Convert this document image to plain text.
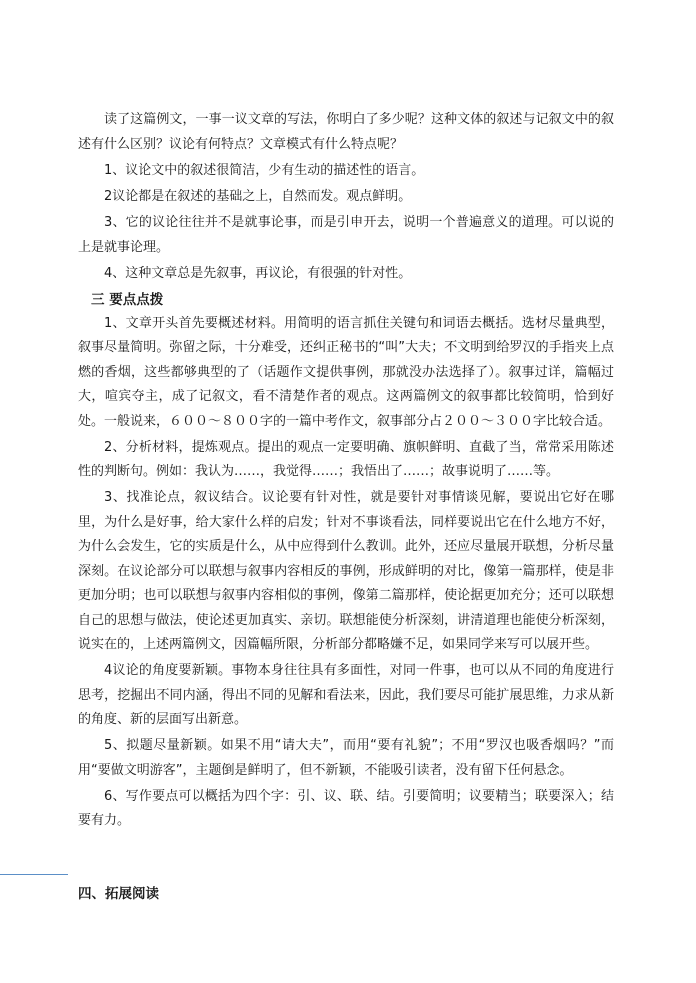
读了这篇例文，一事一议文章的写法，你明白了多少呢？这种文体的叙述与记叙文中的叙述有什么区别？议论有何特点？文章模式有什么特点呢？

1、议论文中的叙述很简洁，少有生动的描述性的语言。

2议论都是在叙述的基础之上，自然而发。观点鲜明。

3、它的议论往往并不是就事论事，而是引申开去，说明一个普遍意义的道理。可以说的上是就事论理。

4、这种文章总是先叙事，再议论，有很强的针对性。

三 要点点拨

1、文章开头首先要概述材料。用简明的语言抓住关键句和词语去概括。选材尽量典型，叙事尽量简明。弥留之际，十分难受，还纠正秘书的“叫”大夫；不文明到给罗汉的手指夹上点燃的香烟，这些都够典型的了（话题作文提供事例，那就没办法选择了）。叙事过详，篇幅过大，喧宾夺主，成了记叙文，看不清楚作者的观点。这两篇例文的叙事都比较简明，恰到好处。一般说来，６００～８００字的一篇中考作文，叙事部分占２００～３００字比较合适。

2、分析材料，提炼观点。提出的观点一定要明确、旗帜鲜明、直截了当，常常采用陈述性的判断句。例如：我认为……，我觉得……；我悟出了……；故事说明了……等。

3、找准论点，叙议结合。议论要有针对性，就是要针对事情谈见解，要说出它好在哪里，为什么是好事，给大家什么样的启发；针对不事谈看法，同样要说出它在什么地方不好，为什么会发生，它的实质是什么，从中应得到什么教训。此外，还应尽量展开联想，分析尽量深刻。在议论部分可以联想与叙事内容相反的事例，形成鲜明的对比，像第一篇那样，使是非更加分明；也可以联想与叙事内容相似的事例，像第二篇那样，使论据更加充分；还可以联想自己的思想与做法，使论述更加真实、亲切。联想能使分析深刻，讲清道理也能使分析深刻，说实在的，上述两篇例文，因篇幅所限，分析部分都略嫌不足，如果同学来写可以展开些。

4议论的角度要新颖。事物本身往往具有多面性，对同一件事，也可以从不同的角度进行思考，挖掘出不同内涵，得出不同的见解和看法来，因此，我们要尽可能扩展思维，力求从新的角度、新的层面写出新意。

5、拟题尽量新颖。如果不用“请大夫”，而用“要有礼貌”；不用“罗汉也吸香烟吗？”而用“要做文明游客”，主题倒是鲜明了，但不新颖，不能吸引读者，没有留下任何悬念。

6、写作要点可以概括为四个字：引、议、联、结。引要简明；议要精当；联要深入；结要有力。

四、拓展阅读
